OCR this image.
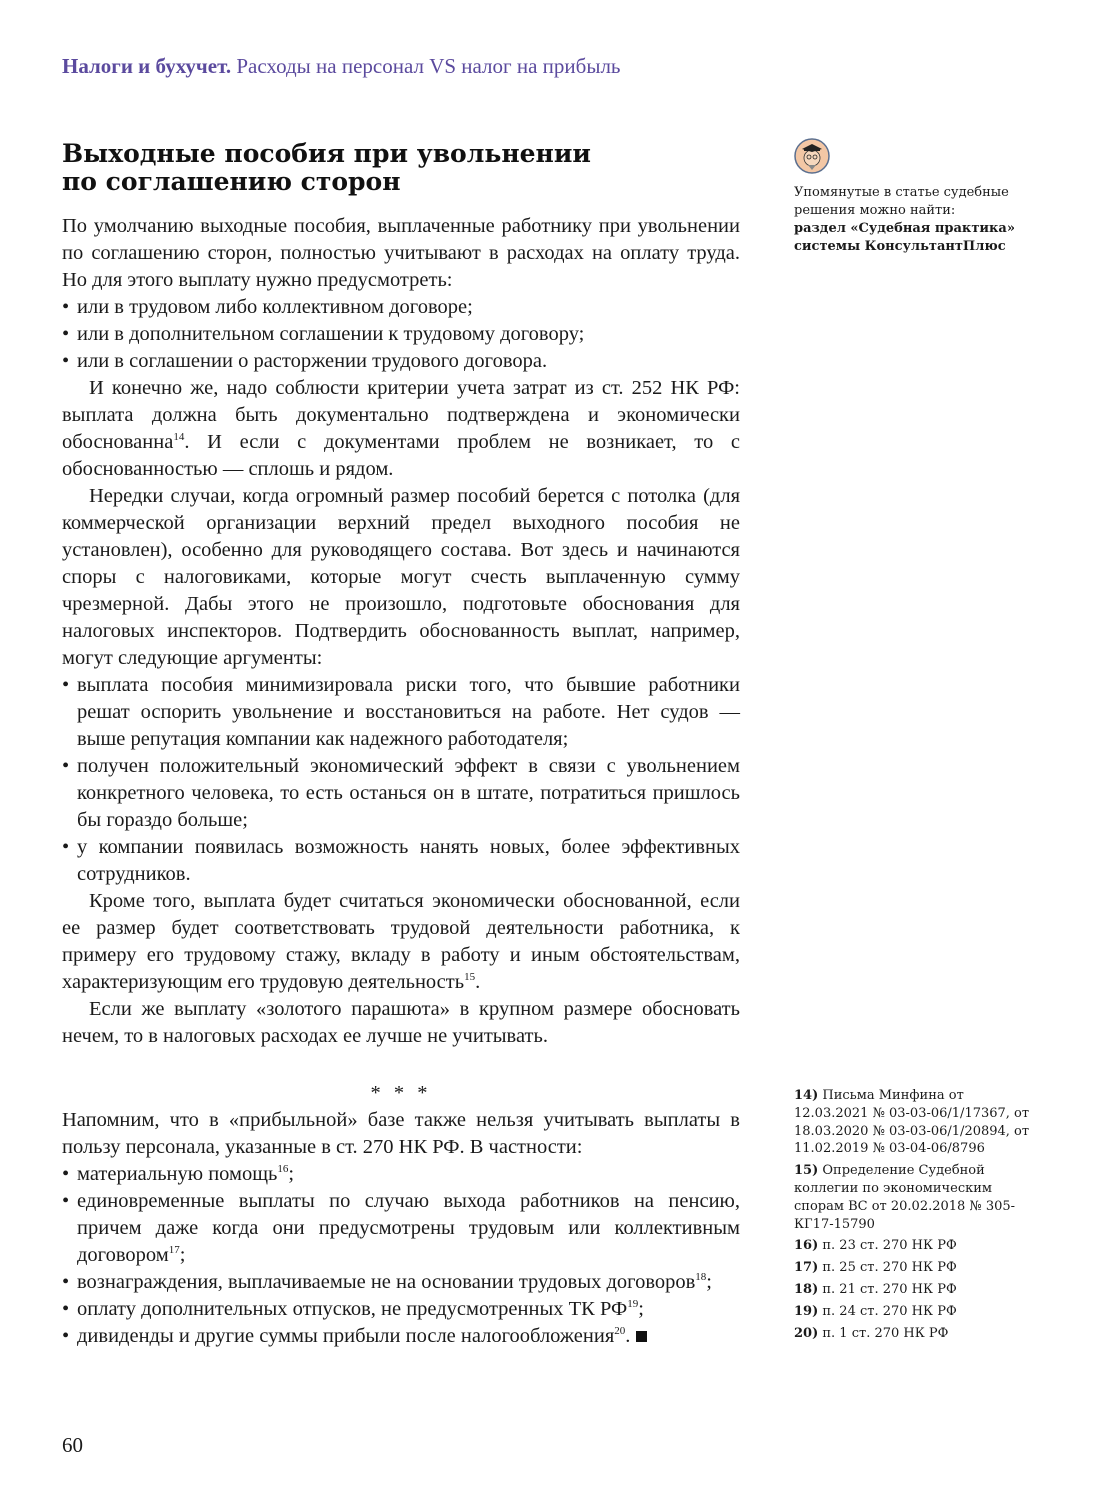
Налоги и бухучет. Расходы на персонал VS налог на прибыль
Выходные пособия при увольнении
по соглашению сторон

По умолчанию выходные пособия, выплаченные работнику при увольнении по соглашению сторон, полностью учитывают в расходах на оплату труда. Но для этого выплату нужно предусмотреть:

• или в трудовом либо коллективном договоре;
• или в дополнительном соглашении к трудовому договору;
• или в соглашении о расторжении трудового договора.

И конечно же, надо соблюсти критерии учета затрат из ст. 252 НК РФ: выплата должна быть документально подтверждена и экономически обоснованна$^{14}$. И если с документами проблем не возникает, то с обоснованностью — сплошь и рядом.

Нередки случаи, когда огромный размер пособий берется с потолка (для коммерческой организации верхний предел выходного пособия не установлен), особенно для руководящего состава. Вот здесь и начинаются споры с налоговиками, которые могут счесть выплаченную сумму чрезмерной. Дабы этого не произошло, подготовьте обоснования для налоговых инспекторов. Подтвердить обоснованность выплат, например, могут следующие аргументы:

• выплата пособия минимизировала риски того, что бывшие работники решат оспорить увольнение и восстановиться на работе. Нет судов — выше репутация компании как надежного работодателя;
• получен положительный экономический эффект в связи с увольнением конкретного человека, то есть останься он в штате, потратиться пришлось бы гораздо больше;
• у компании появилась возможность нанять новых, более эффективных сотрудников.

Кроме того, выплата будет считаться экономически обоснованной, если ее размер будет соответствовать трудовой деятельности работника, к примеру его трудовому стажу, вкладу в работу и иным обстоятельствам, характеризующим его трудовую деятельность$^{15}$.

Если же выплату «золотого парашюта» в крупном размере обосновать нечем, то в налоговых расходах ее лучше не учитывать.

* * *

Напомним, что в «прибыльной» базе также нельзя учитывать выплаты в пользу персонала, указанные в ст. 270 НК РФ. В частности:

• материальную помощь$^{16}$;
• единовременные выплаты по случаю выхода работников на пенсию, причем даже когда они предусмотрены трудовым или коллективным договором$^{17}$;
• вознаграждения, выплачиваемые не на основании трудовых договоров$^{18}$;
• оплату дополнительных отпусков, не предусмотренных ТК РФ$^{19}$;
• дивиденды и другие суммы прибыли после налогообложения$^{20}$.
Упомянутые в статье судебные решения можно найти:
раздел «Судебная практика» системы КонсультантПлюс

14) Письма Минфина от 12.03.2021 № 03-03-06/1/17367, от 18.03.2020 № 03-03-06/1/20894, от 11.02.2019 № 03-04-06/8796

15) Определение Судебной коллегии по экономическим спорам ВС от 20.02.2018 № 305-КГ17-15790

16) п. 23 ст. 270 НК РФ

17) п. 25 ст. 270 НК РФ

18) п. 21 ст. 270 НК РФ

19) п. 24 ст. 270 НК РФ

20) п. 1 ст. 270 НК РФ

60
